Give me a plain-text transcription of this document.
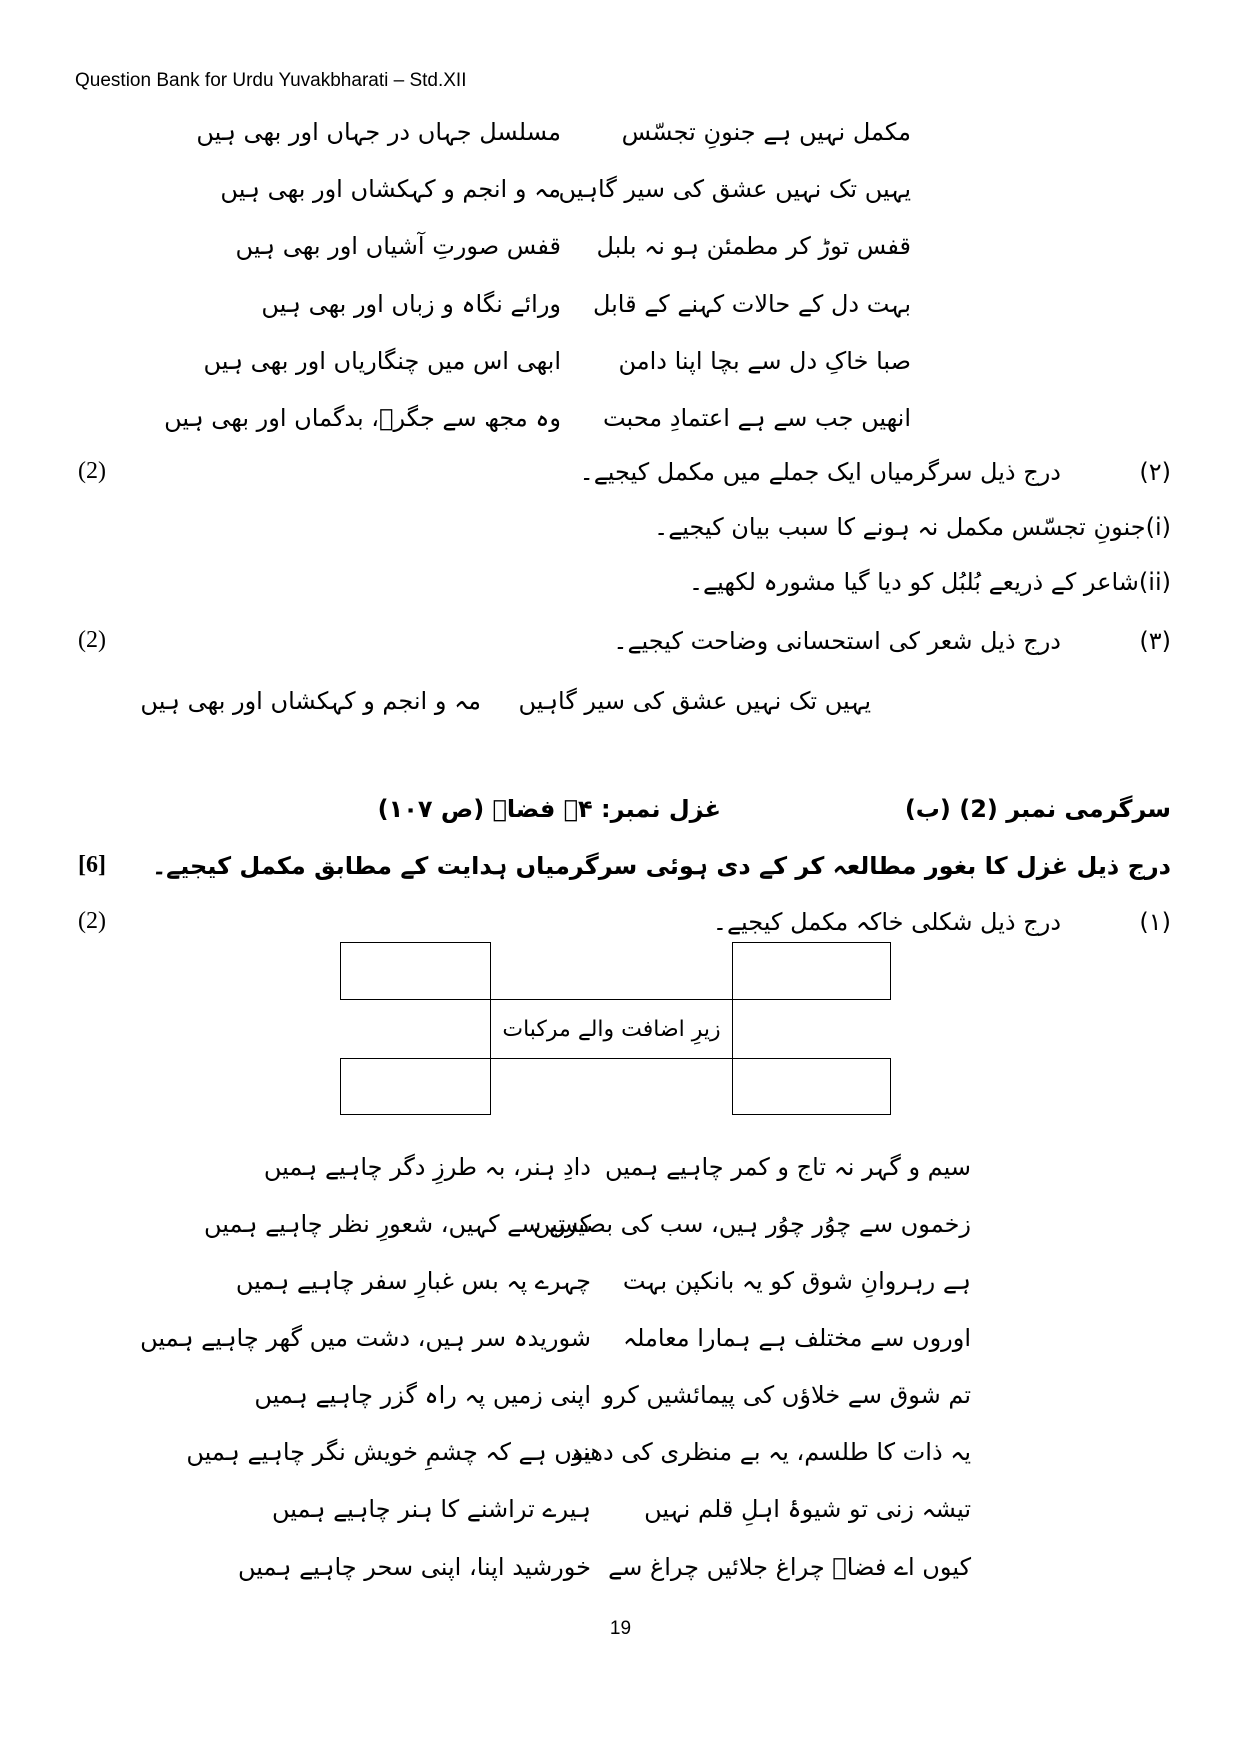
Question Bank for Urdu Yuvakbharati – Std.XII
مکمل نہیں ہے جنونِ تجسّس
مسلسل جہاں در جہاں اور بھی ہیں
یہیں تک نہیں عشق کی سیر گاہیں
مہ و انجم و کہکشاں اور بھی ہیں
قفس توڑ کر مطمئن ہو نہ بلبل
قفس صورتِ آشیاں اور بھی ہیں
بہت دل کے حالات کہنے کے قابل
ورائے نگاہ و زباں اور بھی ہیں
صبا خاکِ دل سے بچا اپنا دامن
ابھی اس میں چنگاریاں اور بھی ہیں
انھیں جب سے ہے اعتمادِ محبت
وہ مجھ سے جگرؔ، بدگماں اور بھی ہیں
(2)	(۲)
درج ذیل سرگرمیاں ایک جملے میں مکمل کیجیے۔
(i)جنونِ تجسّس مکمل نہ ہونے کا سبب بیان کیجیے۔
(ii)شاعر کے ذریعے بُلبُل کو دیا گیا مشورہ لکھیے۔
(2)	(۳)
درج ذیل شعر کی استحسانی وضاحت کیجیے۔
یہیں تک نہیں عشق کی سیر گاہیں
مہ و انجم و کہکشاں اور بھی ہیں
سرگرمی نمبر (2) (ب)
غزل نمبر: ۴۔ فضاؔ (ص ۱۰۷)
[6] درج ذیل غزل کا بغور مطالعہ کر کے دی ہوئی سرگرمیاں ہدایت کے مطابق مکمل کیجیے۔
(2)	(۱)
درج ذیل شکلی خاکہ مکمل کیجیے۔
زیرِ اضافت والے مرکبات
سیم و گہر نہ تاج و کمر چاہیے ہمیں
دادِ ہنر، بہ طرزِ دگر چاہیے ہمیں
زخموں سے چوُر چوُر ہیں، سب کی بصیرتیں
کس سے کہیں، شعورِ نظر چاہیے ہمیں
ہے رہروانِ شوق کو یہ بانکپن بہت
چہرے پہ بس غبارِ سفر چاہیے ہمیں
اوروں سے مختلف ہے ہمارا معاملہ
شوریدہ سر ہیں، دشت میں گھر چاہیے ہمیں
تم شوق سے خلاؤں کی پیمائشیں کرو
اپنی زمیں پہ راہ گزر چاہیے ہمیں
یہ ذات کا طلسم، یہ بے منظری کی دھند
یوں ہے کہ چشمِ خویش نگر چاہیے ہمیں
تیشہ زنی تو شیوۂ اہلِ قلم نہیں
ہیرے تراشنے کا ہنر چاہیے ہمیں
کیوں اے فضاؔ چراغ جلائیں چراغ سے
خورشید اپنا، اپنی سحر چاہیے ہمیں
19
